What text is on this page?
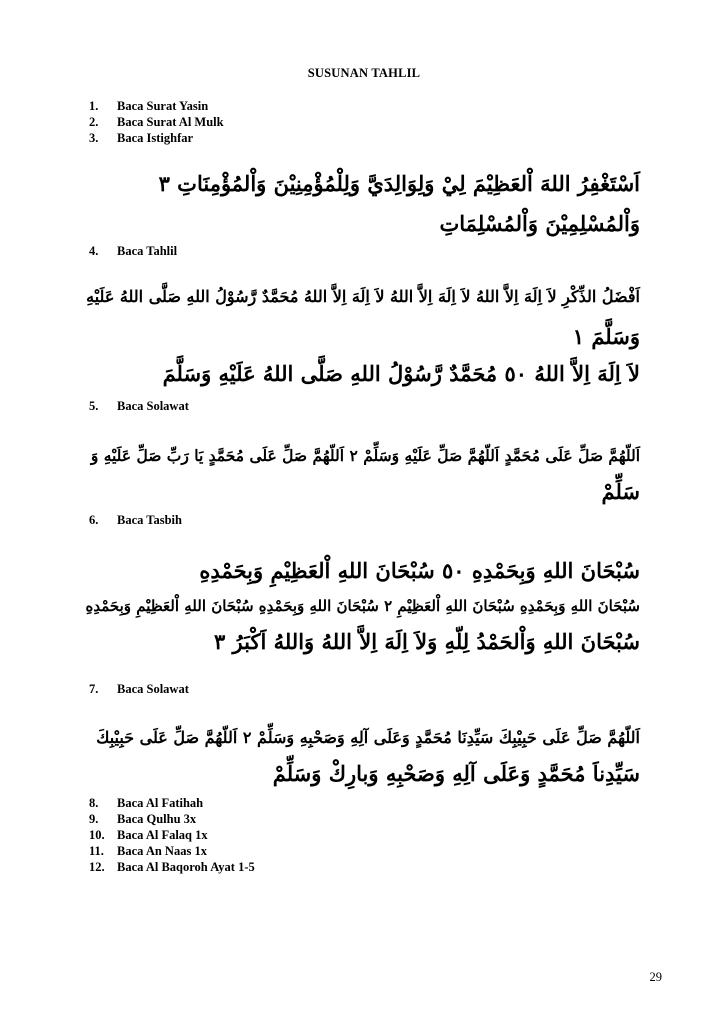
SUSUNAN TAHLIL
1. Baca Surat Yasin
2. Baca Surat Al Mulk
3. Baca Istighfar
اَسْتَغْفِرُ اللهَ اْلعَظِيْمَ لِيْ وَلِوَالِدَيَّ وَلِلْمُؤْمِنِيْنَ وَاْلمُؤْمِنَاتِ ٣
وَاْلمُسْلِمِيْنَ وَاْلمُسْلِمَاتِ
4. Baca Tahlil
اَفْضَلُ الذِّكْرِ لاَ اِلَهَ اِلاَّ اللهُ لاَ اِلَهَ اِلاَّ اللهُ لاَ اِلَهَ اِلاَّ اللهُ مُحَمَّدٌ رَّسُوْلُ اللهِ صَلَّى اللهُ عَلَيْهِ
وَسَلَّمَ ١
لاَ اِلَهَ اِلاَّ اللهُ ٥٠ مُحَمَّدٌ رَّسُوْلُ اللهِ صَلَّى اللهُ عَلَيْهِ وَسَلَّمَ
5. Baca Solawat
اَللّهُمَّ صَلِّ عَلَى مُحَمَّدٍ اَللّهُمَّ صَلِّ عَلَيْهِ وَسَلِّمْ ٢ اَللّهُمَّ صَلِّ عَلَى مُحَمَّدٍ يَا رَبِّ صَلِّ عَلَيْهِ وَ
سَلِّمْ
6. Baca Tasbih
سُبْحَانَ اللهِ وَبِحَمْدِهِ ٥٠ سُبْحَانَ اللهِ اْلعَظِيْمِ وَبِحَمْدِهِ
سُبْحَانَ اللهِ وَبِحَمْدِهِ سُبْحَانَ اللهِ اْلعَظِيْمِ ٢ سُبْحَانَ اللهِ وَبِحَمْدِهِ سُبْحَانَ اللهِ اْلعَظِيْمِ وَبِحَمْدِهِ
سُبْحَانَ اللهِ وَاْلحَمْدُ لِلّهِ وَلاَ اِلَهَ اِلاَّ اللهُ وَاللهُ اَكْبَرُ ٣
7. Baca Solawat
اَللّهُمَّ صَلِّ عَلَى حَبِيْبِكَ سَيِّدِنَا مُحَمَّدٍ وَعَلَى آلِهِ وَصَحْبِهِ وَسَلِّمْ ٢ اَللّهُمَّ صَلِّ عَلَى حَبِيْبِكَ
سَيِّدِناَ مُحَمَّدٍ وَعَلَى آلِهِ وَصَحْبِهِ وَبارِكْ وَسَلِّمْ
8. Baca Al Fatihah
9. Baca Qulhu 3x
10. Baca Al Falaq 1x
11. Baca An Naas 1x
12. Baca Al Baqoroh Ayat 1-5
29
